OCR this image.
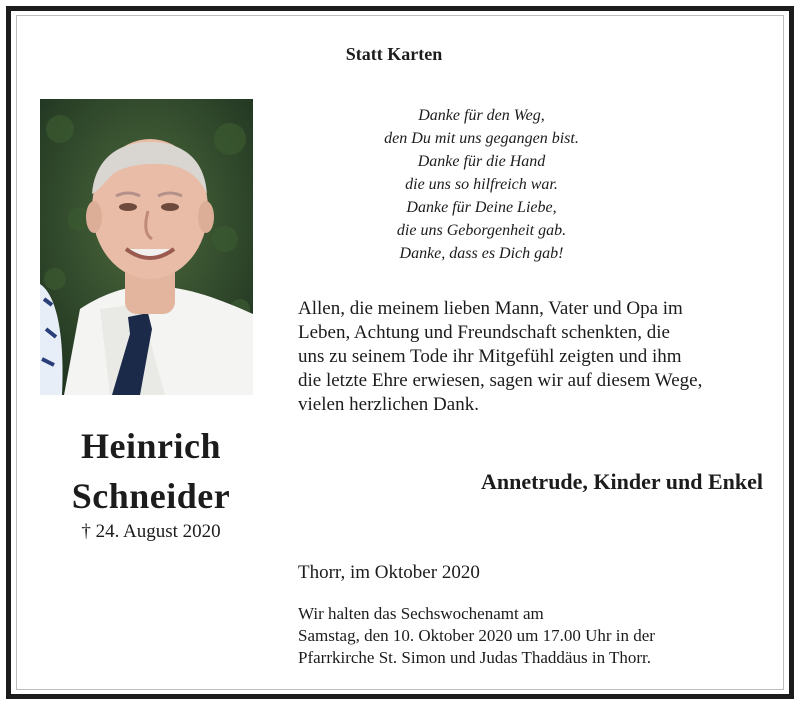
Statt Karten
Heinrich
Schneider
† 24. August 2020
Danke für den Weg,
den Du mit uns gegangen bist.
Danke für die Hand
die uns so hilfreich war.
Danke für Deine Liebe,
die uns Geborgenheit gab.
Danke, dass es Dich gab!
Allen, die meinem lieben Mann, Vater und Opa im
Leben, Achtung und Freundschaft schenkten, die
uns zu seinem Tode ihr Mitgefühl zeigten und ihm
die letzte Ehre erwiesen, sagen wir auf diesem Wege,
vielen herzlichen Dank.
Annetrude, Kinder und Enkel
Thorr, im Oktober 2020
Wir halten das Sechswochenamt am
Samstag, den 10. Oktober 2020 um 17.00 Uhr in der
Pfarrkirche St. Simon und Judas Thaddäus in Thorr.
